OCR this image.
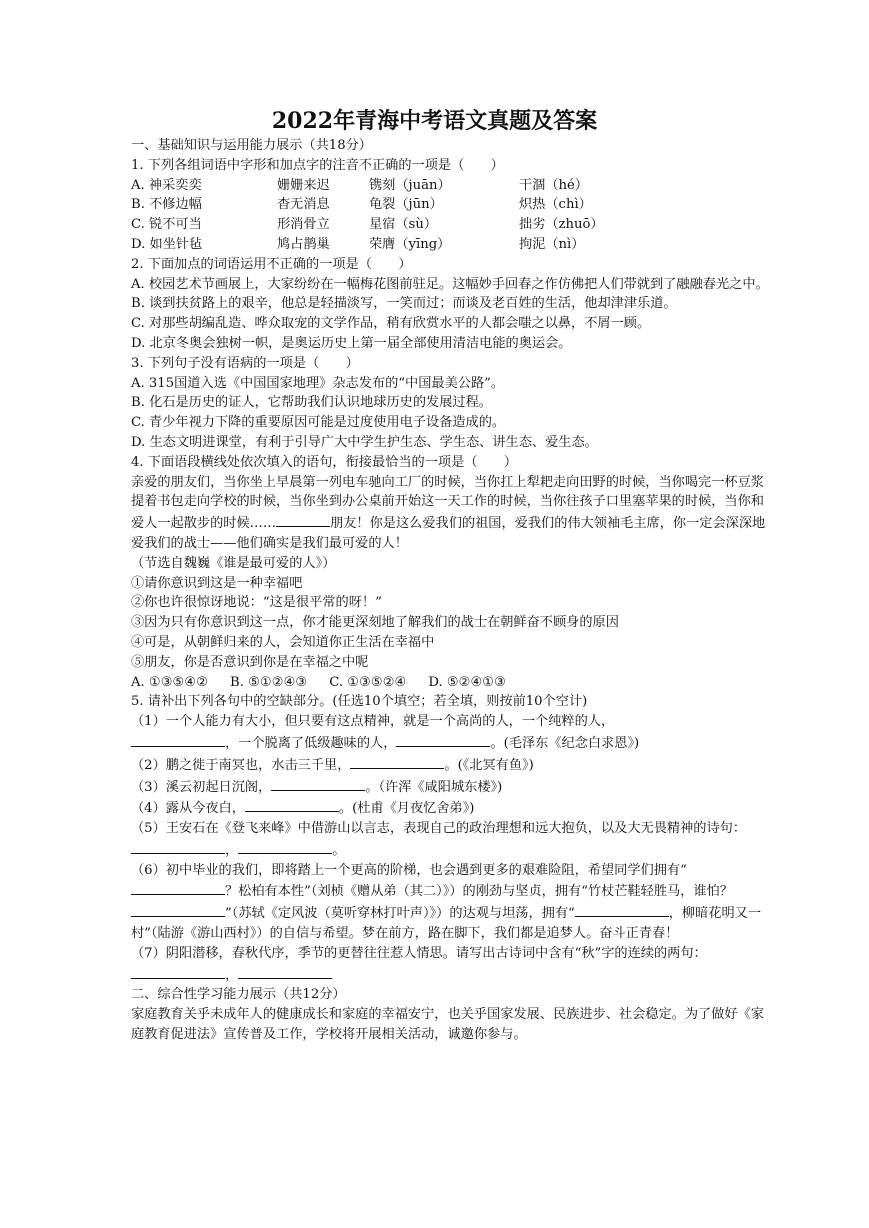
2022年青海中考语文真题及答案

一、基础知识与运用能力展示（共18分）

1. 下列各组词语中字形和加点字的注音不正确的一项是（　　）

A. 神采奕奕	姗姗来迟	镌刻（juān）	干涸（hé）
B. 不修边幅	杳无消息	龟裂（jūn）	炽热（chì）
C. 锐不可当	形消骨立	星宿（sù）	拙劣（zhuō）
D. 如坐针毡	鸠占鹊巢	荣膺（yīng）	拘泥（nì）

2. 下面加点的词语运用不正确的一项是（　　）

A. 校园艺术节画展上，大家纷纷在一幅梅花图前驻足。这幅妙手回春之作仿佛把人们带就到了融融春光之中。

B. 谈到扶贫路上的艰辛，他总是轻描淡写，一笑而过；而谈及老百姓的生活，他却津津乐道。

C. 对那些胡编乱造、哗众取宠的文学作品，稍有欣赏水平的人都会嗤之以鼻，不屑一顾。

D. 北京冬奥会独树一帜，是奥运历史上第一届全部使用清洁电能的奥运会。

3. 下列句子没有语病的一项是（　　）

A. 315国道入选《中国国家地理》杂志发布的“中国最美公路”。

B. 化石是历史的证人，它帮助我们认识地球历史的发展过程。

C. 青少年视力下降的重要原因可能是过度使用电子设备造成的。

D. 生态文明进课堂，有利于引导广大中学生护生态、学生态、讲生态、爱生态。

4. 下面语段横线处依次填入的语句，衔接最恰当的一项是（　　）

亲爱的朋友们，当你坐上早晨第一列电车驰向工厂的时候，当你扛上犁耙走向田野的时候，当你喝完一杯豆浆提着书包走向学校的时候，当你坐到办公桌前开始这一天工作的时候，当你往孩子口里塞苹果的时候，当你和爱人一起散步的时候……	朋友！你是这么爱我们的祖国，爱我们的伟大领袖毛主席，你一定会深深地爱我们的战士——他们确实是我们最可爱的人！

（节选自魏巍《谁是最可爱的人》）

①请你意识到这是一种幸福吧

②你也许很惊讶地说：“这是很平常的呀！”

③因为只有你意识到这一点，你才能更深刻地了解我们的战士在朝鲜奋不顾身的原因

④可是，从朝鲜归来的人，会知道你正生活在幸福中

⑤朋友，你是否意识到你是在幸福之中呢

A. ①③⑤④② B. ⑤①②④③ C. ①③⑤②④ D. ⑤②④①③

5. 请补出下列各句中的空缺部分。(任选10个填空；若全填，则按前10个空计)

（1）一个人能力有大小，但只要有这点精神，就是一个高尚的人，一个纯粹的人，
，一个脱离了低级趣味的人，	。(毛泽东《纪念白求恩》)

（2）鹏之徙于南冥也，水击三千里，	。(《北冥有鱼》)

（3）溪云初起日沉阁，	。（许浑《咸阳城东楼》)

（4）露从今夜白，	。(杜甫《月夜忆舍弟》)

（5）王安石在《登飞来峰》中借游山以言志，表现自己的政治理想和远大抱负，以及大无畏精神的诗句：，	。

（6）初中毕业的我们，即将踏上一个更高的阶梯，也会遇到更多的艰难险阻，希望同学们拥有“？松柏有本性”（刘桢《赠从弟（其二）》）的刚劲与坚贞，拥有“竹杖芒鞋轻胜马，谁怕？”（苏轼《定风波（莫听穿林打叶声）》）的达观与坦荡，拥有“	，柳暗花明又一村”（陆游《游山西村》）的自信与希望。梦在前方，路在脚下，我们都是追梦人。奋斗正青春！

（7）阴阳潜移，春秋代序，季节的更替往往惹人情思。请写出古诗词中含有“秋”字的连续的两句：，

二、综合性学习能力展示（共12分）

家庭教育关乎未成年人的健康成长和家庭的幸福安宁，也关乎国家发展、民族进步、社会稳定。为了做好《家庭教育促进法》宣传普及工作，学校将开展相关活动，诚邀你参与。
